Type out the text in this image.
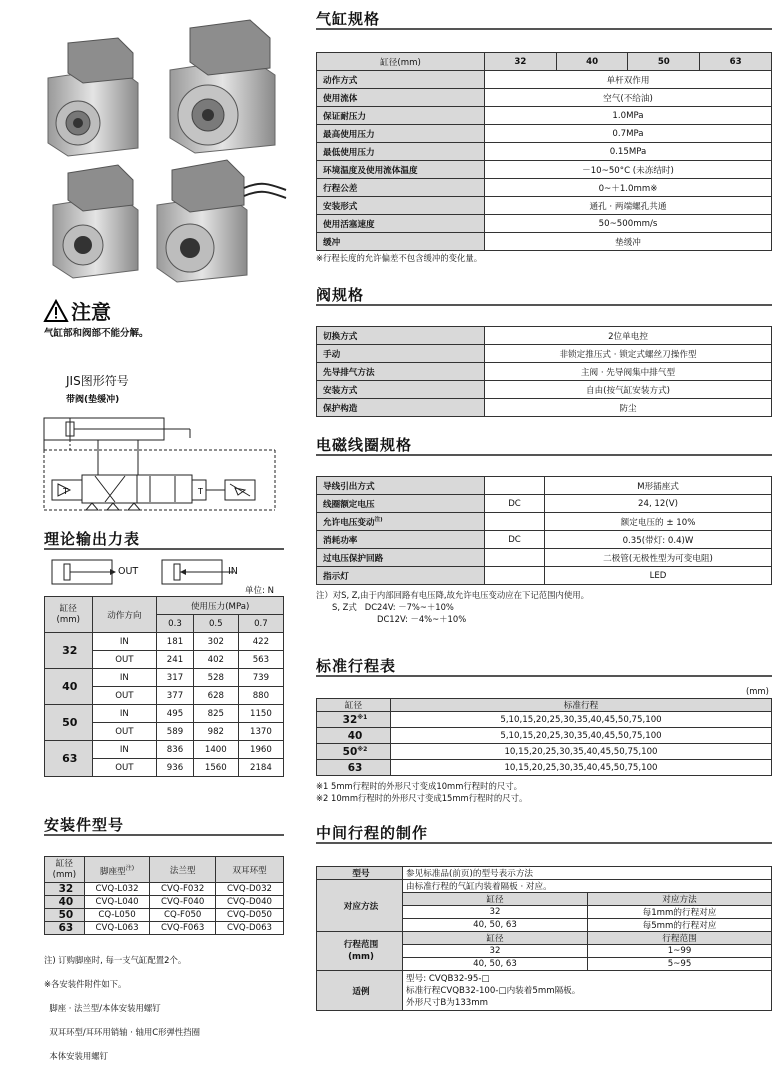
注意
气缸部和阀部不能分解。
JIS图形符号
带阀(垫缓冲)
T
T
理论输出力表
OUT	IN
单位: N
缸径
(mm)	动作方向	使用压力(MPa)		
		0.3	0.5	0.7
32	IN	181	302	422
	OUT	241	402	563
40	IN	317	528	739
	OUT	377	628	880
50	IN	495	825	1150
	OUT	589	982	1370
63	IN	836	1400	1960
	OUT	936	1560	2184
安装件型号
缸径
(mm)	脚座型$^{注)}$	法兰型	双耳环型
32	CVQ-L032	CVQ-F032	CVQ-D032
40	CVQ-L040	CVQ-F040	CVQ-D040
50	CQ-L050	CQ-F050	CVQ-D050
63	CVQ-L063	CVQ-F063	CVQ-D063

注) 订购脚座时, 每一支气缸配置2个。

※各安装件附件如下。

脚座 · 法兰型/本体安装用螺钉

双耳环型/耳环用销轴 · 轴用C形弹性挡圈

本体安装用螺钉

气缸规格
缸径(mm)	32	40	50	63
动作方式	单杆双作用			
使用流体	空气(不给油)			
保证耐压力	1.0MPa			
最高使用压力	0.7MPa			
最低使用压力	0.15MPa			
环境温度及使用流体温度	－10~50°C (未冻结时)			
行程公差	0~＋1.0mm※			
安装形式	通孔 · 两端螺孔共通			
使用活塞速度	50~500mm/s			
缓冲	垫缓冲			
※行程长度的允许偏差不包含缓冲的变化量。
阀规格
切换方式	2位单电控
手动	非锁定推压式 · 锁定式螺丝刀操作型
先导排气方法	主阀 · 先导阀集中排气型
安装方式	自由(按气缸安装方式)
保护构造	防尘
电磁线圈规格
导线引出方式		M形插座式
线圈额定电压	DC	24, 12(V)
允许电压变动$^{注)}$		额定电压的 ± 10%
消耗功率	DC	0.35(带灯: 0.4)W
过电压保护回路		二极管(无极性型为可变电阻)
指示灯		LED
注）对S, Z,由于内部回路有电压降,故允许电压变动应在下记范围内使用。
S, Z式   DC24V: －7%~＋10%
DC12V: －4%~＋10%
标准行程表
(mm)
缸径	标准行程
32$^{※1}$	5,10,15,20,25,30,35,40,45,50,75,100
40	5,10,15,20,25,30,35,40,45,50,75,100
50$^{※2}$	10,15,20,25,30,35,40,45,50,75,100
63	10,15,20,25,30,35,40,45,50,75,100
※1 5mm行程时的外形尺寸变成10mm行程时的尺寸。
※2 10mm行程时的外形尺寸变成15mm行程时的尺寸。
中间行程的制作
型号	参见标准品(前页)的型号表示方法	
对应方法	由标准行程的气缸内装着隔板 · 对应。	
	缸径	对应方法
	32	每1mm的行程对应
	40, 50, 63	每5mm的行程对应
行程范围
(mm)	缸径	行程范围
	32	1~99
	40, 50, 63	5~95
适例	型号: CVQB32-95-□
标准行程CVQB32-100-□内装着5mm隔板。
外形尺寸B为133mm	
